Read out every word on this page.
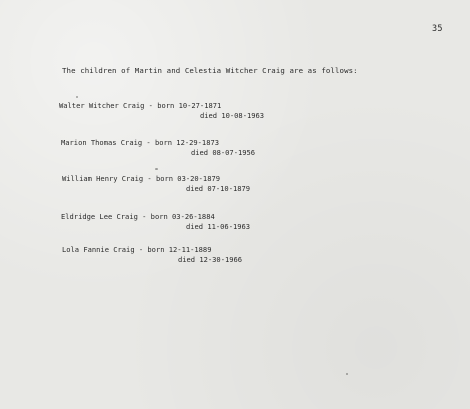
35
The children of Martin and Celestia Witcher Craig are as follows:
Walter Witcher Craig - born 10-27-1871
died 10-08-1963
Marion Thomas Craig - born 12-29-1873
died 08-07-1956
William Henry Craig - born 03-20-1879
died 07-10-1879
Eldridge Lee Craig - born 03-26-1884
died 11-06-1963
Lola Fannie Craig - born 12-11-1889
died 12-30-1966
